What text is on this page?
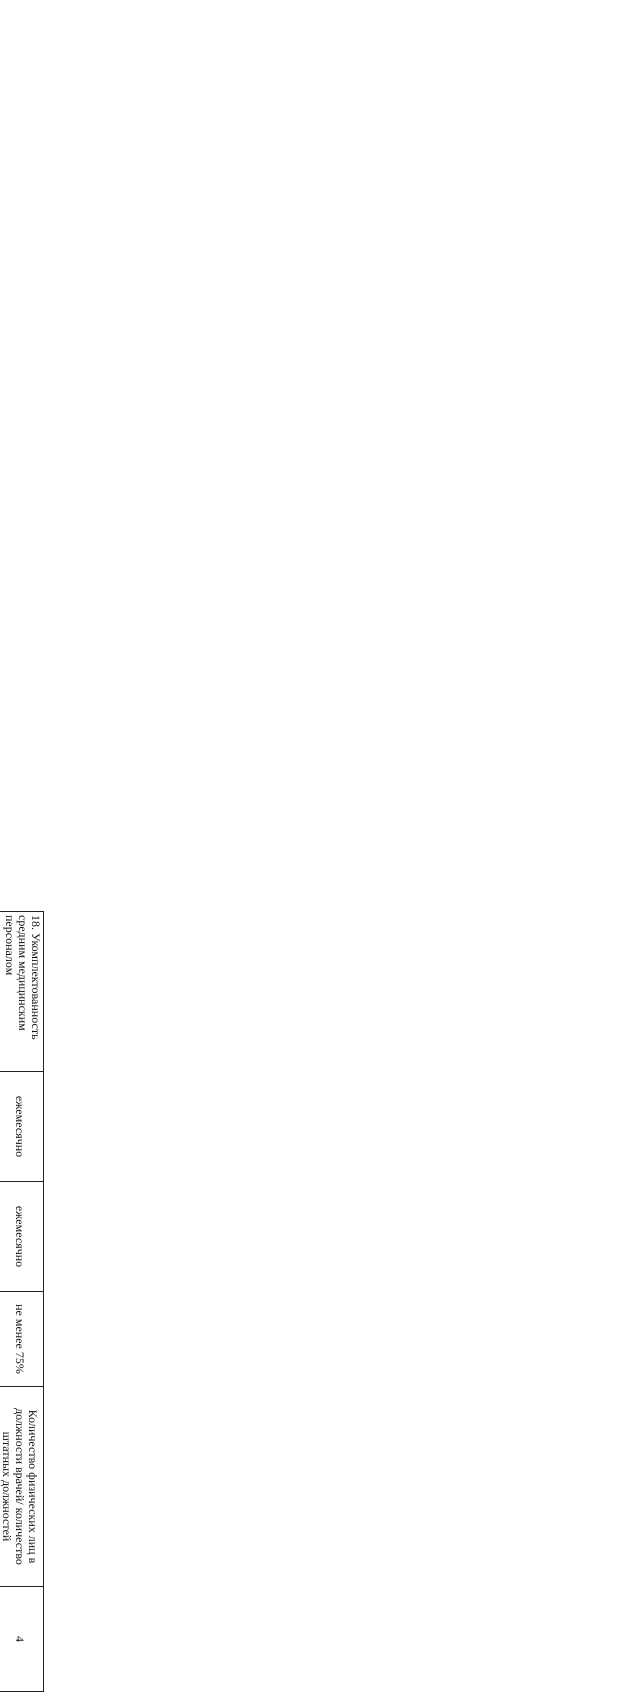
18. Укомплектованность средним медицинским персоналом	ежемесячно	ежемесячно	не менее 75%	Количество физических лиц в должности врачей/ количество штатных должностей	4
